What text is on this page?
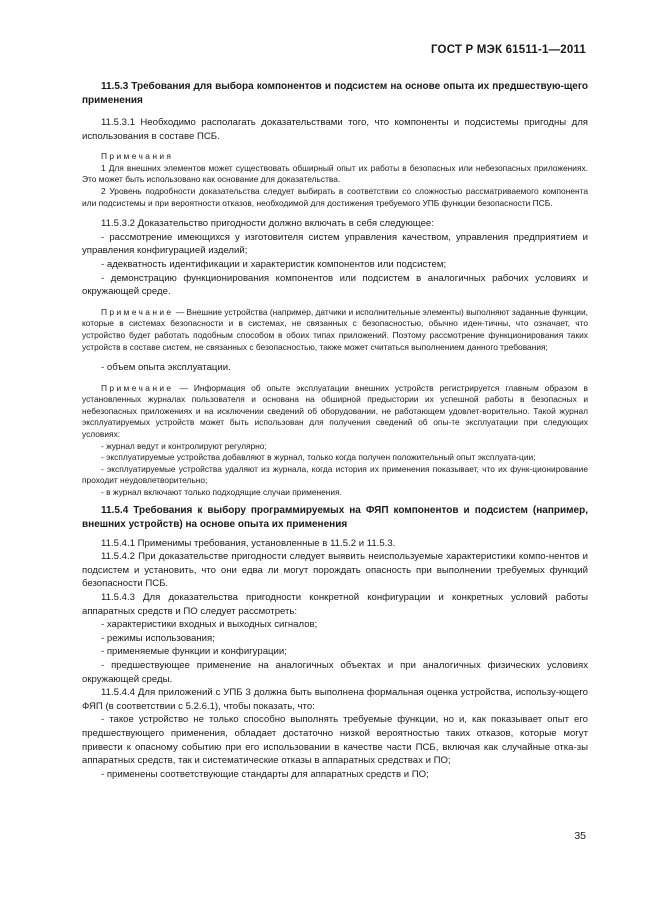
ГОСТ Р МЭК 61511-1—2011

11.5.3 Требования для выбора компонентов и подсистем на основе опыта их предшествую-щего применения

11.5.3.1 Необходимо располагать доказательствами того, что компоненты и подсистемы пригодны для использования в составе ПСБ.

Примечания

1 Для внешних элементов может существовать обширный опыт их работы в безопасных или небезопасных приложениях. Это может быть использовано как основание для доказательства.

2 Уровень подробности доказательства следует выбирать в соответствии со сложностью рассматриваемого компонента или подсистемы и при вероятности отказов, необходимой для достижения требуемого УПБ функции безопасности ПСБ.

11.5.3.2 Доказательство пригодности должно включать в себя следующее:

- рассмотрение имеющихся у изготовителя систем управления качеством, управления предприятием и управления конфигурацией изделий;

- адекватность идентификации и характеристик компонентов или подсистем;

- демонстрацию функционирования компонентов или подсистем в аналогичных рабочих условиях и окружающей среде.

Примечание — Внешние устройства (например, датчики и исполнительные элементы) выполняют заданные функции, которые в системах безопасности и в системах, не связанных с безопасностью, обычно иден-тичны, что означает, что устройство будет работать подобным способом в обоих типах приложений. Поэтому рассмотрение функционирования таких устройств в составе систем, не связанных с безопасностью, также может считаться выполнением данного требования;

- объем опыта эксплуатации.

Примечание — Информация об опыте эксплуатации внешних устройств регистрируется главным образом в установленных журналах пользователя и основана на обширной предыстории их успешной работы в безопасных и небезопасных приложениях и на исключении сведений об оборудовании, не работающем удовлет-ворительно. Такой журнал эксплуатируемых устройств может быть использован для получения сведений об опы-те эксплуатации при следующих условиях:

- журнал ведут и контролируют регулярно;

- эксплуатируемые устройства добавляют в журнал, только когда получен положительный опыт эксплуата-ции;

- эксплуатируемые устройства удаляют из журнала, когда история их применения показывает, что их функ-ционирование проходит неудовлетворительно;

- в журнал включают только подходящие случаи применения.

11.5.4 Требования к выбору программируемых на ФЯП компонентов и подсистем (например, внешних устройств) на основе опыта их применения

11.5.4.1 Применимы требования, установленные в 11.5.2 и 11.5.3.

11.5.4.2 При доказательстве пригодности следует выявить неиспользуемые характеристики компо-нентов и подсистем и установить, что они едва ли могут порождать опасность при выполнении требуемых функций безопасности ПСБ.

11.5.4.3 Для доказательства пригодности конкретной конфигурации и конкретных условий работы аппаратных средств и ПО следует рассмотреть:

- характеристики входных и выходных сигналов;

- режимы использования;

- применяемые функции и конфигурации;

- предшествующее применение на аналогичных объектах и при аналогичных физических условиях окружающей среды.

11.5.4.4 Для приложений с УПБ 3 должна быть выполнена формальная оценка устройства, использу-ющего ФЯП (в соответствии с 5.2.6.1), чтобы показать, что:

- такое устройство не только способно выполнять требуемые функции, но и, как показывает опыт его предшествующего применения, обладает достаточно низкой вероятностью таких отказов, которые могут привести к опасному событию при его использовании в качестве части ПСБ, включая как случайные отка-зы аппаратных средств, так и систематические отказы в аппаратных средствах и ПО;

- применены соответствующие стандарты для аппаратных средств и ПО;

35
